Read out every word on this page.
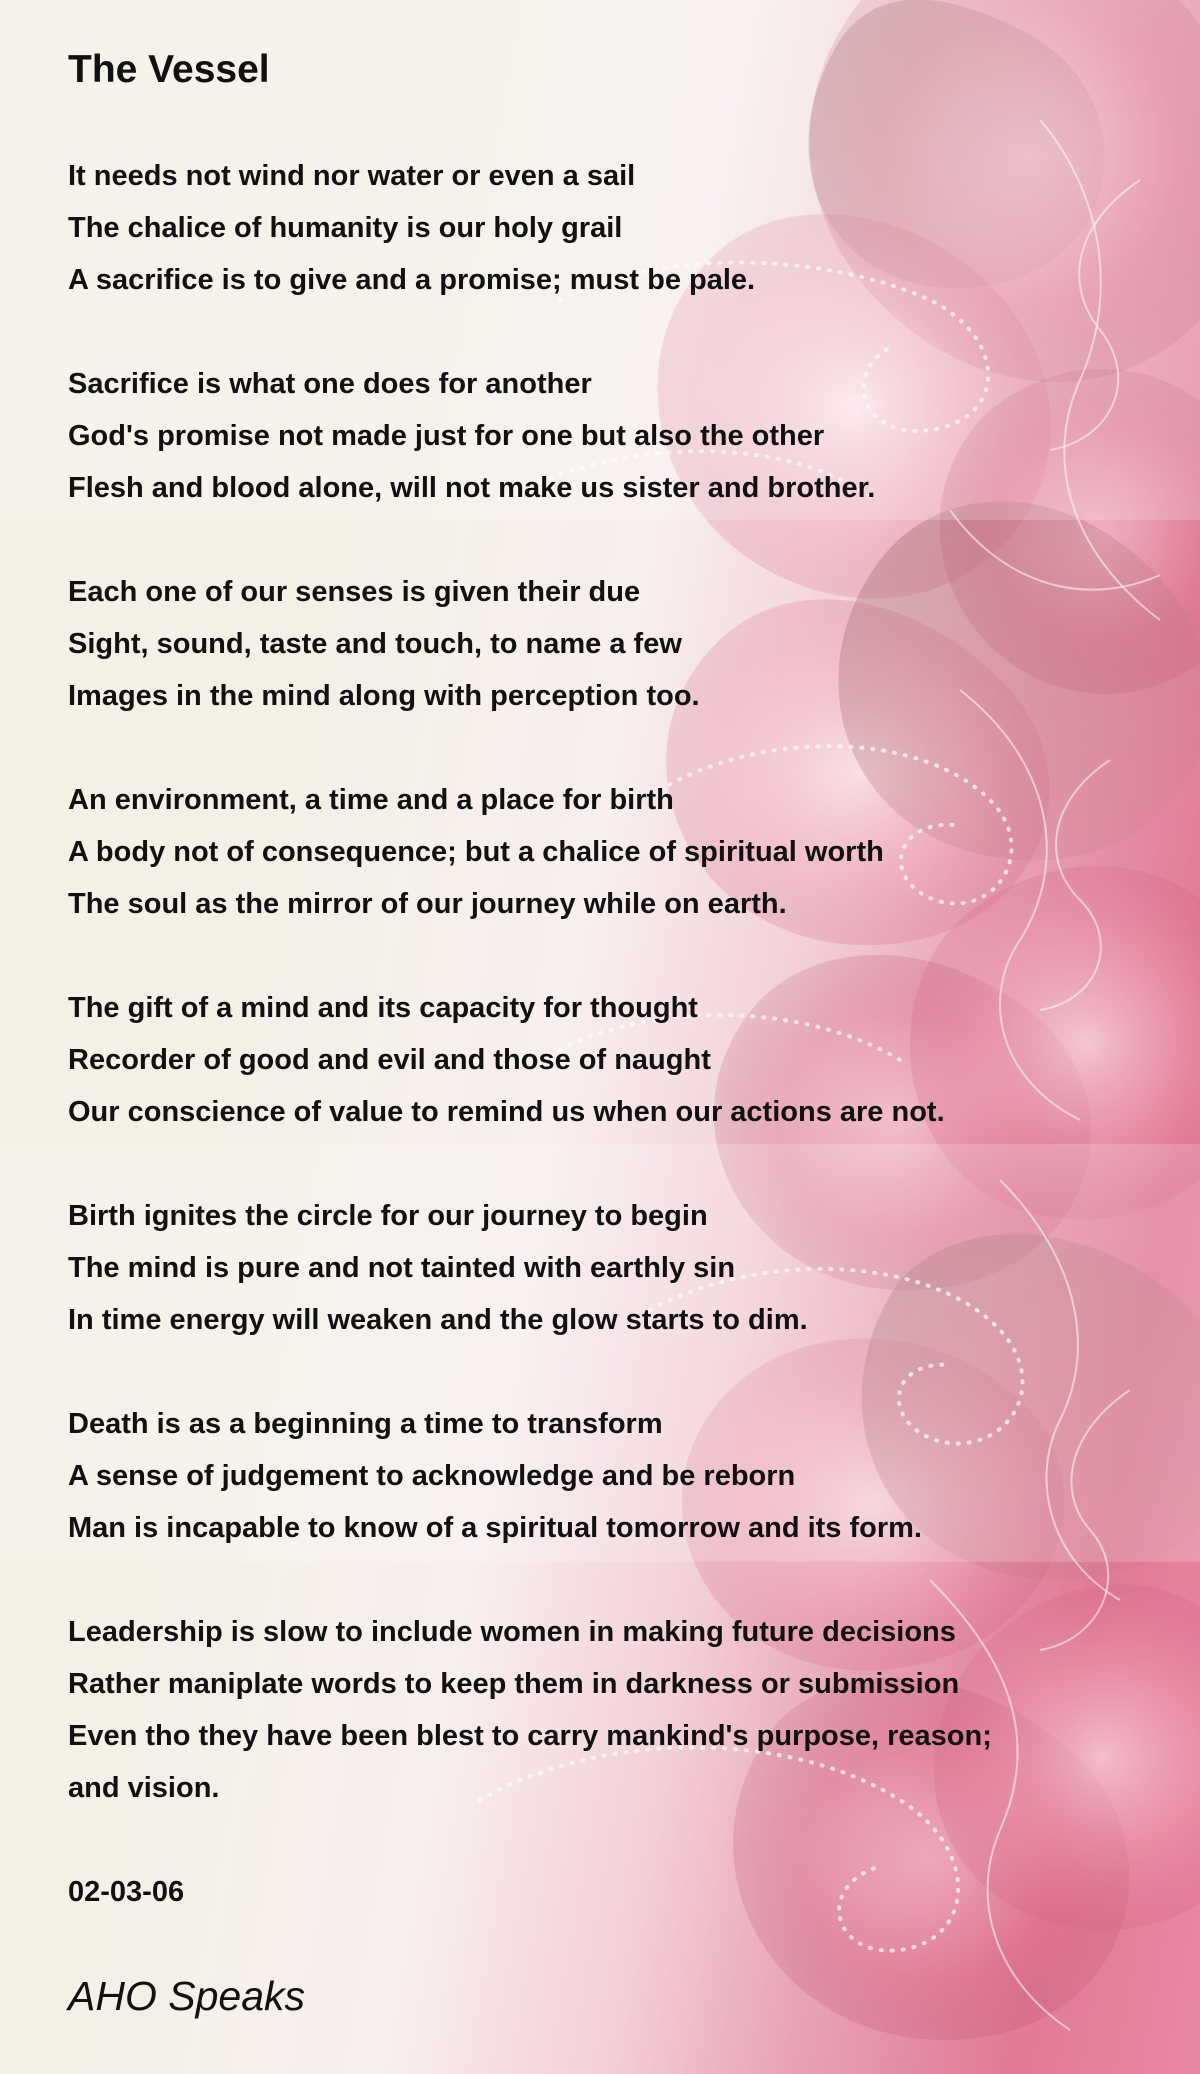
The Vessel
It needs not wind nor water or even a sail
The chalice of humanity is our holy grail
A sacrifice is to give and a promise; must be pale.
Sacrifice is what one does for another
God's promise not made just for one but also the other
Flesh and blood alone, will not make us sister and brother.
Each one of our senses is given their due
Sight, sound, taste and touch, to name a few
Images in the mind along with perception too.
An environment, a time and a place for birth
A body not of consequence; but a chalice of spiritual worth
The soul as the mirror of our journey while on earth.
The gift of a mind and its capacity for thought
Recorder of good and evil and those of naught
Our conscience of value to remind us when our actions are not.
Birth ignites the circle for our journey to begin
The mind is pure and not tainted with earthly sin
In time energy will weaken and the glow starts to dim.
Death is as a beginning a time to transform
A sense of judgement to acknowledge and be reborn
Man is incapable to know of a spiritual tomorrow and its form.
Leadership is slow to include women in making future decisions
Rather maniplate words to keep them in darkness or submission
Even tho they have been blest to carry mankind's purpose, reason;
and vision.
02-03-06
AHO Speaks
